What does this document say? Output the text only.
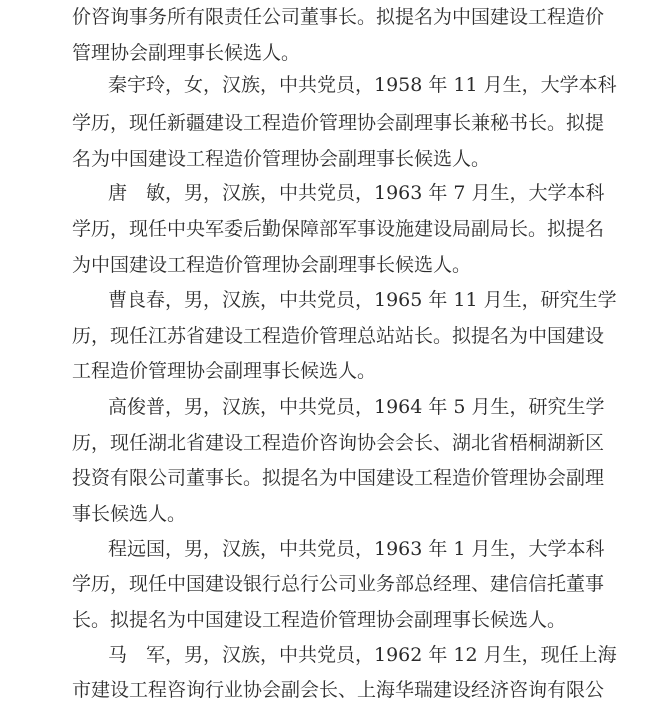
价咨询事务所有限责任公司董事长。拟提名为中国建设工程造价
管理协会副理事长候选人。
秦宇玲，女，汉族，中共党员，1958 年 11 月生，大学本科
学历，现任新疆建设工程造价管理协会副理事长兼秘书长。拟提
名为中国建设工程造价管理协会副理事长候选人。
唐　敏，男，汉族，中共党员，1963 年 7 月生，大学本科
学历，现任中央军委后勤保障部军事设施建设局副局长。拟提名
为中国建设工程造价管理协会副理事长候选人。
曹良春，男，汉族，中共党员，1965 年 11 月生，研究生学
历，现任江苏省建设工程造价管理总站站长。拟提名为中国建设
工程造价管理协会副理事长候选人。
高俊普，男，汉族，中共党员，1964 年 5 月生，研究生学
历，现任湖北省建设工程造价咨询协会会长、湖北省梧桐湖新区
投资有限公司董事长。拟提名为中国建设工程造价管理协会副理
事长候选人。
程远国，男，汉族，中共党员，1963 年 1 月生，大学本科
学历，现任中国建设银行总行公司业务部总经理、建信信托董事
长。拟提名为中国建设工程造价管理协会副理事长候选人。
马　军，男，汉族，中共党员，1962 年 12 月生，现任上海
市建设工程咨询行业协会副会长、上海华瑞建设经济咨询有限公
